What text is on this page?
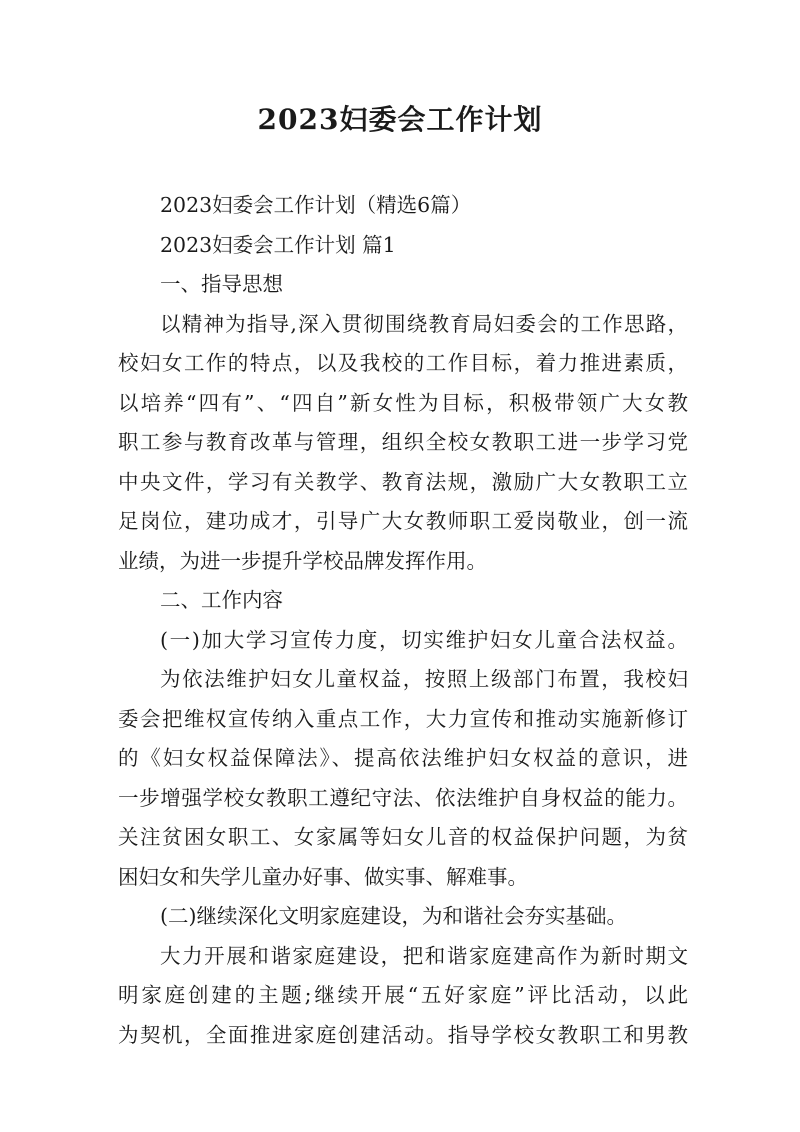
2023妇委会工作计划

2023妇委会工作计划（精选6篇）

2023妇委会工作计划 篇1

一、指导思想

以精神为指导,深入贯彻围绕教育局妇委会的工作思路，

校妇女工作的特点，以及我校的工作目标，着力推进素质，

以培养“四有”、“四自”新女性为目标，积极带领广大女教

职工参与教育改革与管理，组织全校女教职工进一步学习党

中央文件，学习有关教学、教育法规，激励广大女教职工立

足岗位，建功成才，引导广大女教师职工爱岗敬业，创一流

业绩，为进一步提升学校品牌发挥作用。

二、工作内容

(一)加大学习宣传力度，切实维护妇女儿童合法权益。

为依法维护妇女儿童权益，按照上级部门布置，我校妇

委会把维权宣传纳入重点工作，大力宣传和推动实施新修订

的《妇女权益保障法》、提高依法维护妇女权益的意识，进

一步增强学校女教职工遵纪守法、依法维护自身权益的能力。

关注贫困女职工、女家属等妇女儿音的权益保护问题，为贫

困妇女和失学儿童办好事、做实事、解难事。

(二)继续深化文明家庭建设，为和谐社会夯实基础。

大力开展和谐家庭建设，把和谐家庭建高作为新时期文

明家庭创建的主题;继续开展“五好家庭”评比活动，以此

为契机，全面推进家庭创建活动。指导学校女教职工和男教
